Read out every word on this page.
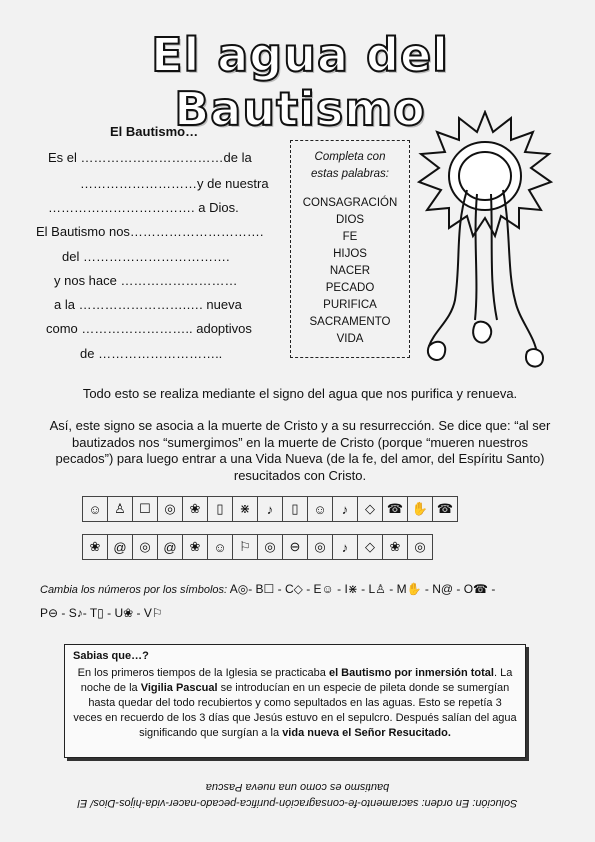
El agua del Bautismo
El Bautismo…
Es el ……………………………de la
………………………y de nuestra
……………………………. a Dios.
El Bautismo nos………………………….
del …………………………….
y nos hace ………………………
a la …………………….…. nueva
como …………………….. adoptivos
de ………………………..
Completa con
estas palabras:
CONSAGRACIÓN
DIOS
FE
HIJOS
NACER
PECADO
PURIFICA
SACRAMENTO
VIDA
Todo esto se realiza mediante el signo del agua que nos purifica y renueva.
Así, este signo se asocia a la muerte de Cristo y a su resurrección. Se dice que: “al ser bautizados nos “sumergimos” en la muerte de Cristo (porque “mueren nuestros pecados”) para luego entrar a una Vida Nueva (de la fe, del amor, del Espíritu Santo) resucitados con Cristo.
☺	♙	☐	◎	❀	▯	⋇	♪	▯	☺	♪	◇	☎	✋	☎
❀	@	◎	@	❀	☺	⚐	◎	⊖	◎	♪	◇	❀	◎
Cambia los números por los símbolos: A◎- B☐ - C◇ - E☺ - I⋇ - L♙ - M✋ - N@ - O☎ -
P⊖ - S♪- T▯ - U❀ - V⚐
Sabias que…?
En los primeros tiempos de la Iglesia se practicaba el Bautismo por inmersión total. La noche de la Vigilia Pascual se introducían en un especie de pileta donde se sumergían hasta quedar del todo recubiertos y como sepultados en las aguas. Esto se repetía 3 veces en recuerdo de los 3 días que Jesús estuvo en el sepulcro. Después salían del agua significando que surgían a la vida nueva el Señor Resucitado.
Solución: En orden: sacramento-fe-consagración-purifica-pecado-nacer-vida-hijos-Dios/ El
bautismo es como una nueva Pascua
